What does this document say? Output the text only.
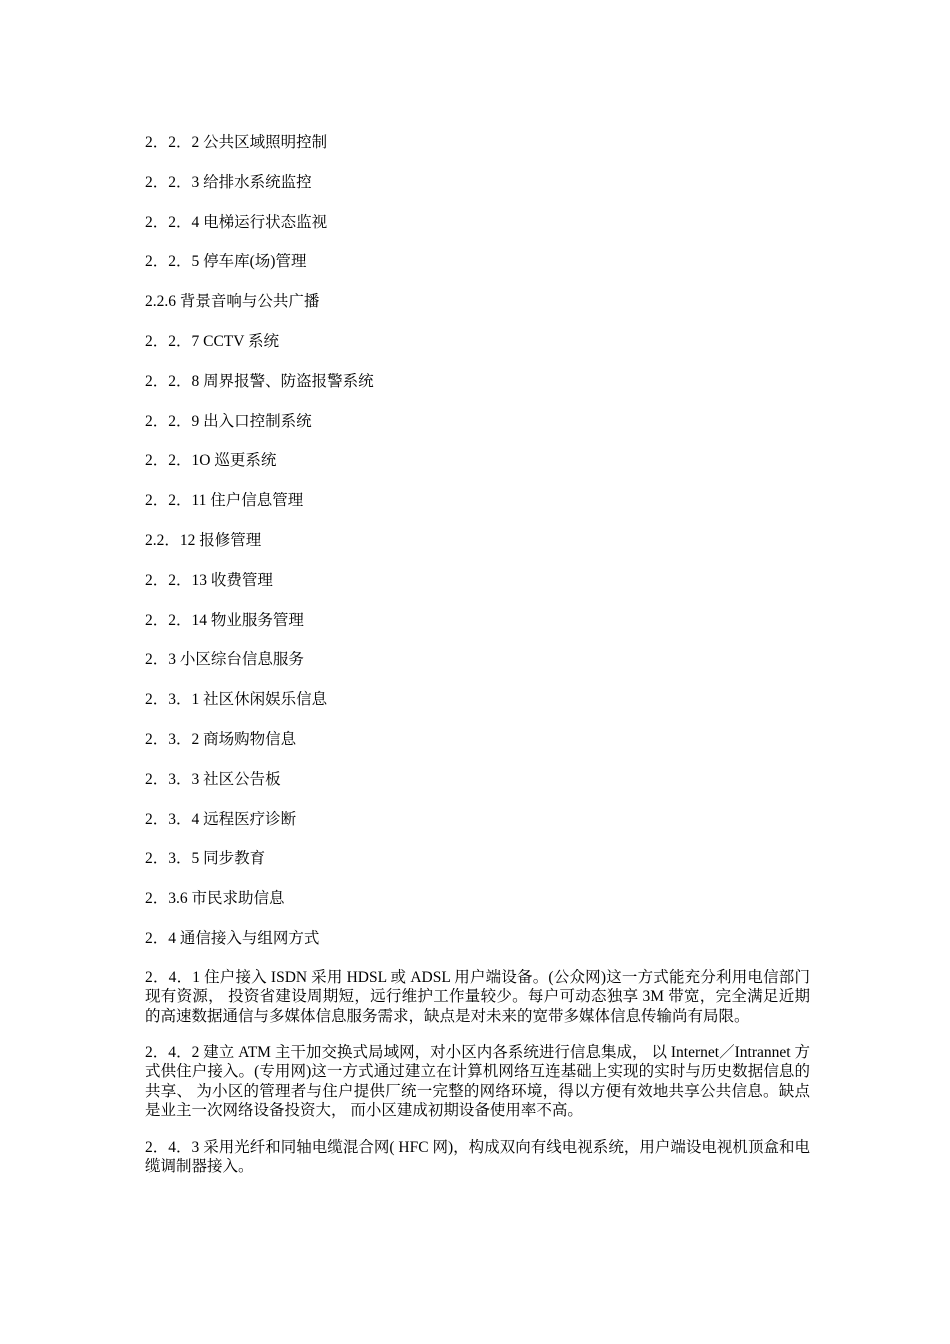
2．2．2 公共区域照明控制
2．2．3 给排水系统监控
2．2．4 电梯运行状态监视
2．2．5 停车库(场)管理
2.2.6 背景音响与公共广播
2．2．7 CCTV 系统
2．2．8 周界报警、防盗报警系统
2．2．9 出入口控制系统
2．2．1O 巡更系统
2．2．11 住户信息管理
2.2．12 报修管理
2．2．13 收费管理
2．2．14 物业服务管理
2．3 小区综台信息服务
2．3．1 社区休闲娱乐信息
2．3．2 商场购物信息
2．3．3 社区公告板
2．3．4 远程医疗诊断
2．3．5 同步教育
2．3.6 市民求助信息
2．4 通信接入与组网方式

2．4．1 住户接入 ISDN 采用 HDSL 或 ADSL 用户端设备。(公众网)这一方式能充分利用电信部门现有资源， 投资省建设周期短，远行维护工作量较少。每户可动态独享 3M 带宽，完全满足近期的高速数据通信与多媒体信息服务需求，缺点是对未来的宽带多媒体信息传输尚有局限。

2．4．2 建立 ATM 主干加交换式局域网，对小区内各系统进行信息集成， 以 Internet／Intrannet 方式供住户接入。(专用网)这一方式通过建立在计算机网络互连基础上实现的实时与历史数据信息的共享、 为小区的管理者与住户提供厂统一完整的网络环境，得以方便有效地共享公共信息。缺点是业主一次网络设备投资大， 而小区建成初期设备使用率不高。

2．4．3 采用光纤和同轴电缆混合网( HFC 网)，构成双向有线电视系统，用户端设电视机顶盒和电缆调制器接入。
